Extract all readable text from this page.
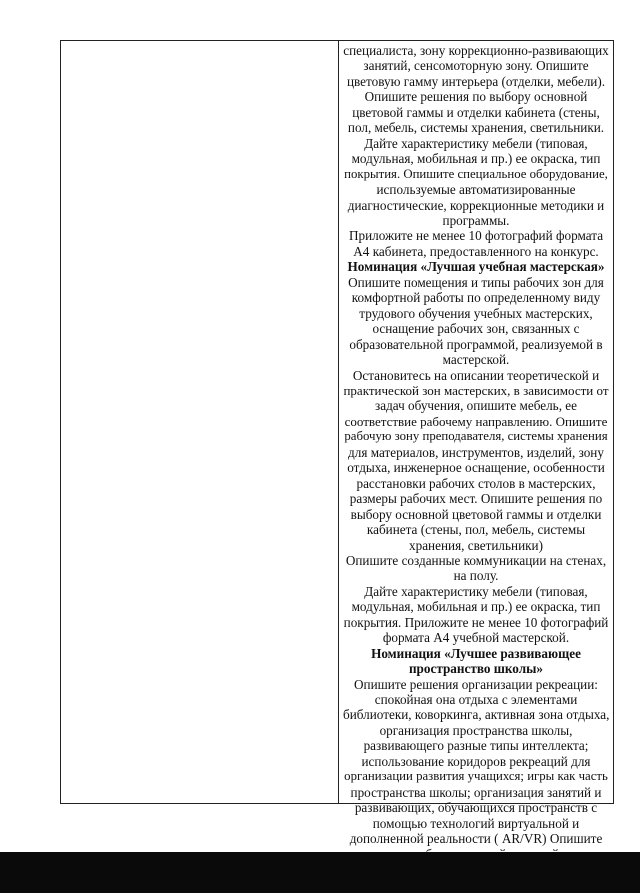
специалиста, зону коррекционно-развивающих
занятий, сенсомоторную зону. Опишите
цветовую гамму интерьера (отделки, мебели).
Опишите решения по выбору основной
цветовой гаммы и отделки кабинета (стены,
пол, мебель, системы хранения, светильники.
Дайте характеристику мебели (типовая,
модульная, мобильная и пр.) ее окраска, тип
покрытия. Опишите специальное оборудование,
используемые автоматизированные
диагностические, коррекционные методики и
программы.
Приложите не менее 10 фотографий формата
А4 кабинета, предоставленного на конкурс.
Номинация «Лучшая учебная мастерская»
Опишите помещения и типы рабочих зон для
комфортной работы по определенному виду
трудового обучения учебных мастерских,
оснащение рабочих зон, связанных с
образовательной программой, реализуемой в
мастерской.
Остановитесь на описании теоретической и
практической зон мастерских, в зависимости от
задач обучения, опишите мебель, ее
соответствие рабочему направлению. Опишите
рабочую зону преподавателя, системы хранения
для материалов, инструментов, изделий, зону
отдыха, инженерное оснащение, особенности
расстановки рабочих столов в мастерских,
размеры рабочих мест. Опишите решения по
выбору основной цветовой гаммы и отделки
кабинета (стены, пол, мебель, системы
хранения, светильники)
Опишите созданные коммуникации на стенах,
на полу.
Дайте характеристику мебели (типовая,
модульная, мобильная и пр.) ее окраска, тип
покрытия. Приложите не менее 10 фотографий
формата А4 учебной мастерской.
Номинация «Лучшее развивающее
пространство школы»
Опишите решения организации рекреации:
спокойная она отдыха с элементами
библиотеки, коворкинга, активная зона отдыха,
организация пространства школы,
развивающего разные типы интеллекта;
использование коридоров рекреаций для
организации развития учащихся; игры как часть
пространства школы; организация занятий и
развивающих, обучающихся пространств с
помощью технологий виртуальной и
дополненной реальности ( AR/VR) Опишите
